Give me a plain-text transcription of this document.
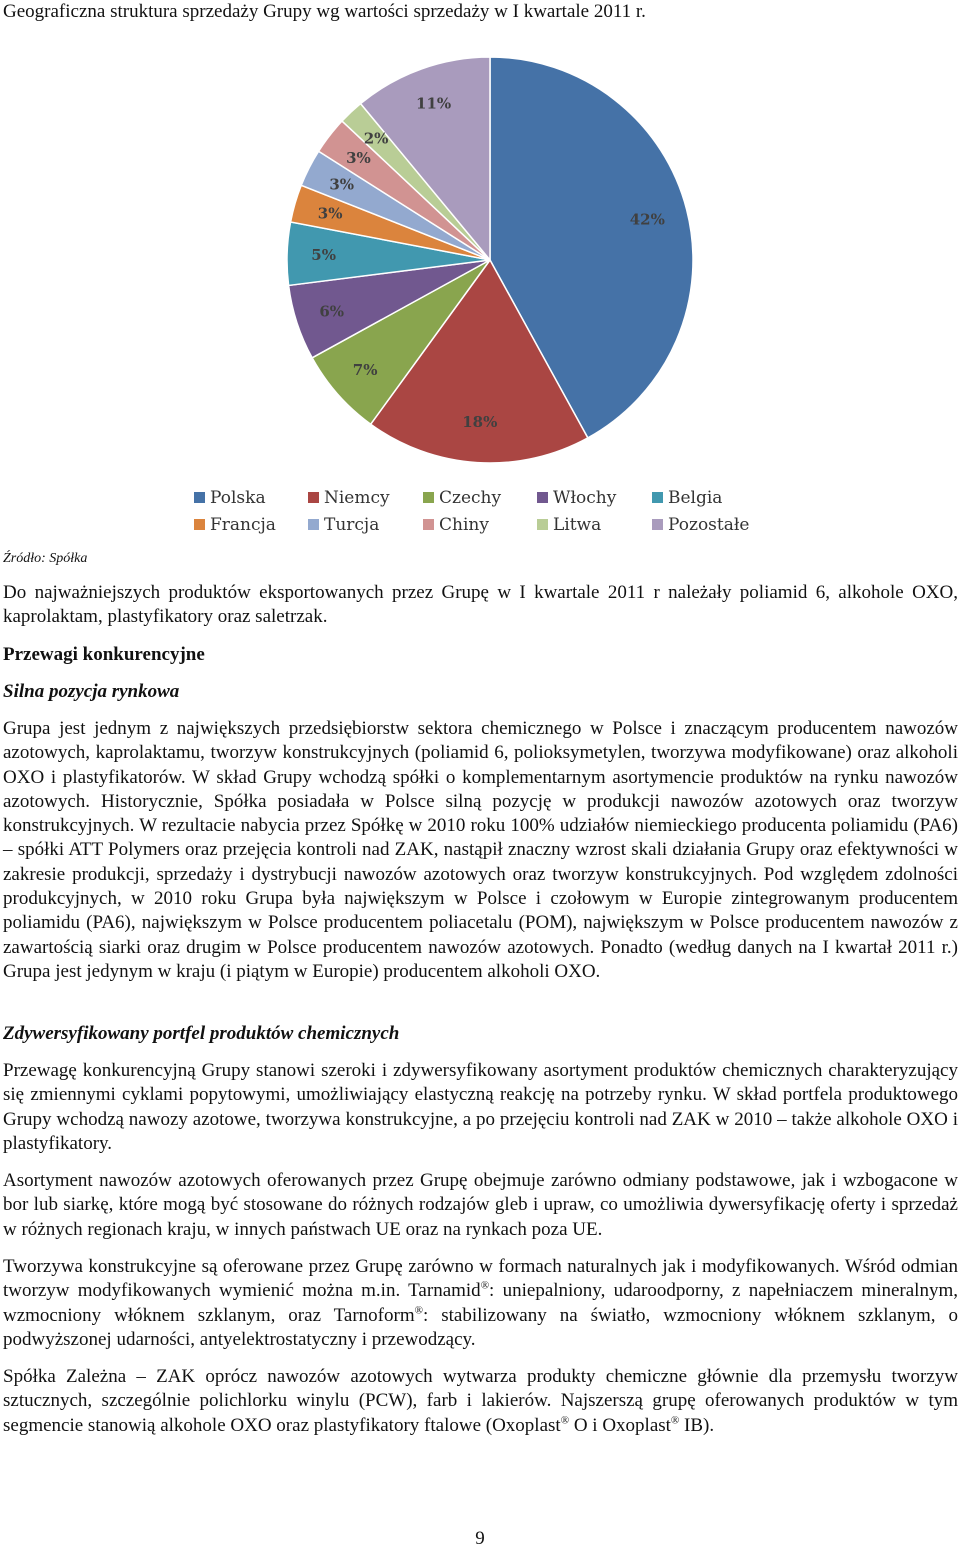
Geograficzna struktura sprzedaży Grupy wg wartości sprzedaży w I kwartale 2011 r.
42%
18%
7%
6%
5%
3%
3%
3%
2%
11%
Polska	Niemcy	Czechy	Włochy	Belgia
Francja	Turcja	Chiny	Litwa	Pozostałe
Źródło: Spółka

Do najważniejszych produktów eksportowanych przez Grupę w I kwartale 2011 r należały poliamid 6, alkohole OXO, kaprolaktam, plastyfikatory oraz saletrzak.

Przewagi konkurencyjne
Silna pozycja rynkowa

Grupa jest jednym z największych przedsiębiorstw sektora chemicznego w Polsce i znaczącym producentem nawozów azotowych, kaprolaktamu, tworzyw konstrukcyjnych (poliamid 6, polioksymetylen, tworzywa modyfikowane) oraz alkoholi OXO i plastyfikatorów. W skład Grupy wchodzą spółki o komplementarnym asortymencie produktów na rynku nawozów azotowych. Historycznie, Spółka posiadała w Polsce silną pozycję w produkcji nawozów azotowych oraz tworzyw konstrukcyjnych. W rezultacie nabycia przez Spółkę w 2010 roku 100% udziałów niemieckiego producenta poliamidu (PA6) – spółki ATT Polymers oraz przejęcia kontroli nad ZAK, nastąpił znaczny wzrost skali działania Grupy oraz efektywności w zakresie produkcji, sprzedaży i dystrybucji nawozów azotowych oraz tworzyw konstrukcyjnych. Pod względem zdolności produkcyjnych, w 2010 roku Grupa była największym w Polsce i czołowym w Europie zintegrowanym producentem poliamidu (PA6), największym w Polsce producentem poliacetalu (POM), największym w Polsce producentem nawozów z zawartością siarki oraz drugim w Polsce producentem nawozów azotowych. Ponadto (według danych na I kwartał 2011 r.) Grupa jest jedynym w kraju (i piątym w Europie) producentem alkoholi OXO.

Zdywersyfikowany portfel produktów chemicznych

Przewagę konkurencyjną Grupy stanowi szeroki i zdywersyfikowany asortyment produktów chemicznych charakteryzujący się zmiennymi cyklami popytowymi, umożliwiający elastyczną reakcję na potrzeby rynku. W skład portfela produktowego Grupy wchodzą nawozy azotowe, tworzywa konstrukcyjne, a po przejęciu kontroli nad ZAK w 2010 – także alkohole OXO i plastyfikatory.

Asortyment nawozów azotowych oferowanych przez Grupę obejmuje zarówno odmiany podstawowe, jak i wzbogacone w bor lub siarkę, które mogą być stosowane do różnych rodzajów gleb i upraw, co umożliwia dywersyfikację oferty i sprzedaż w różnych regionach kraju, w innych państwach UE oraz na rynkach poza UE.

Tworzywa konstrukcyjne są oferowane przez Grupę zarówno w formach naturalnych jak i modyfikowanych. Wśród odmian tworzyw modyfikowanych wymienić można m.in. Tarnamid®: uniepalniony, udaroodporny, z napełniaczem mineralnym, wzmocniony włóknem szklanym, oraz Tarnoform®: stabilizowany na światło, wzmocniony włóknem szklanym, o podwyższonej udarności, antyelektrostatyczny i przewodzący.

Spółka Zależna – ZAK oprócz nawozów azotowych wytwarza produkty chemiczne głównie dla przemysłu tworzyw sztucznych, szczególnie polichlorku winylu (PCW), farb i lakierów. Najszerszą grupę oferowanych produktów w tym segmencie stanowią alkohole OXO oraz plastyfikatory ftalowe (Oxoplast® O i Oxoplast® IB).

9
